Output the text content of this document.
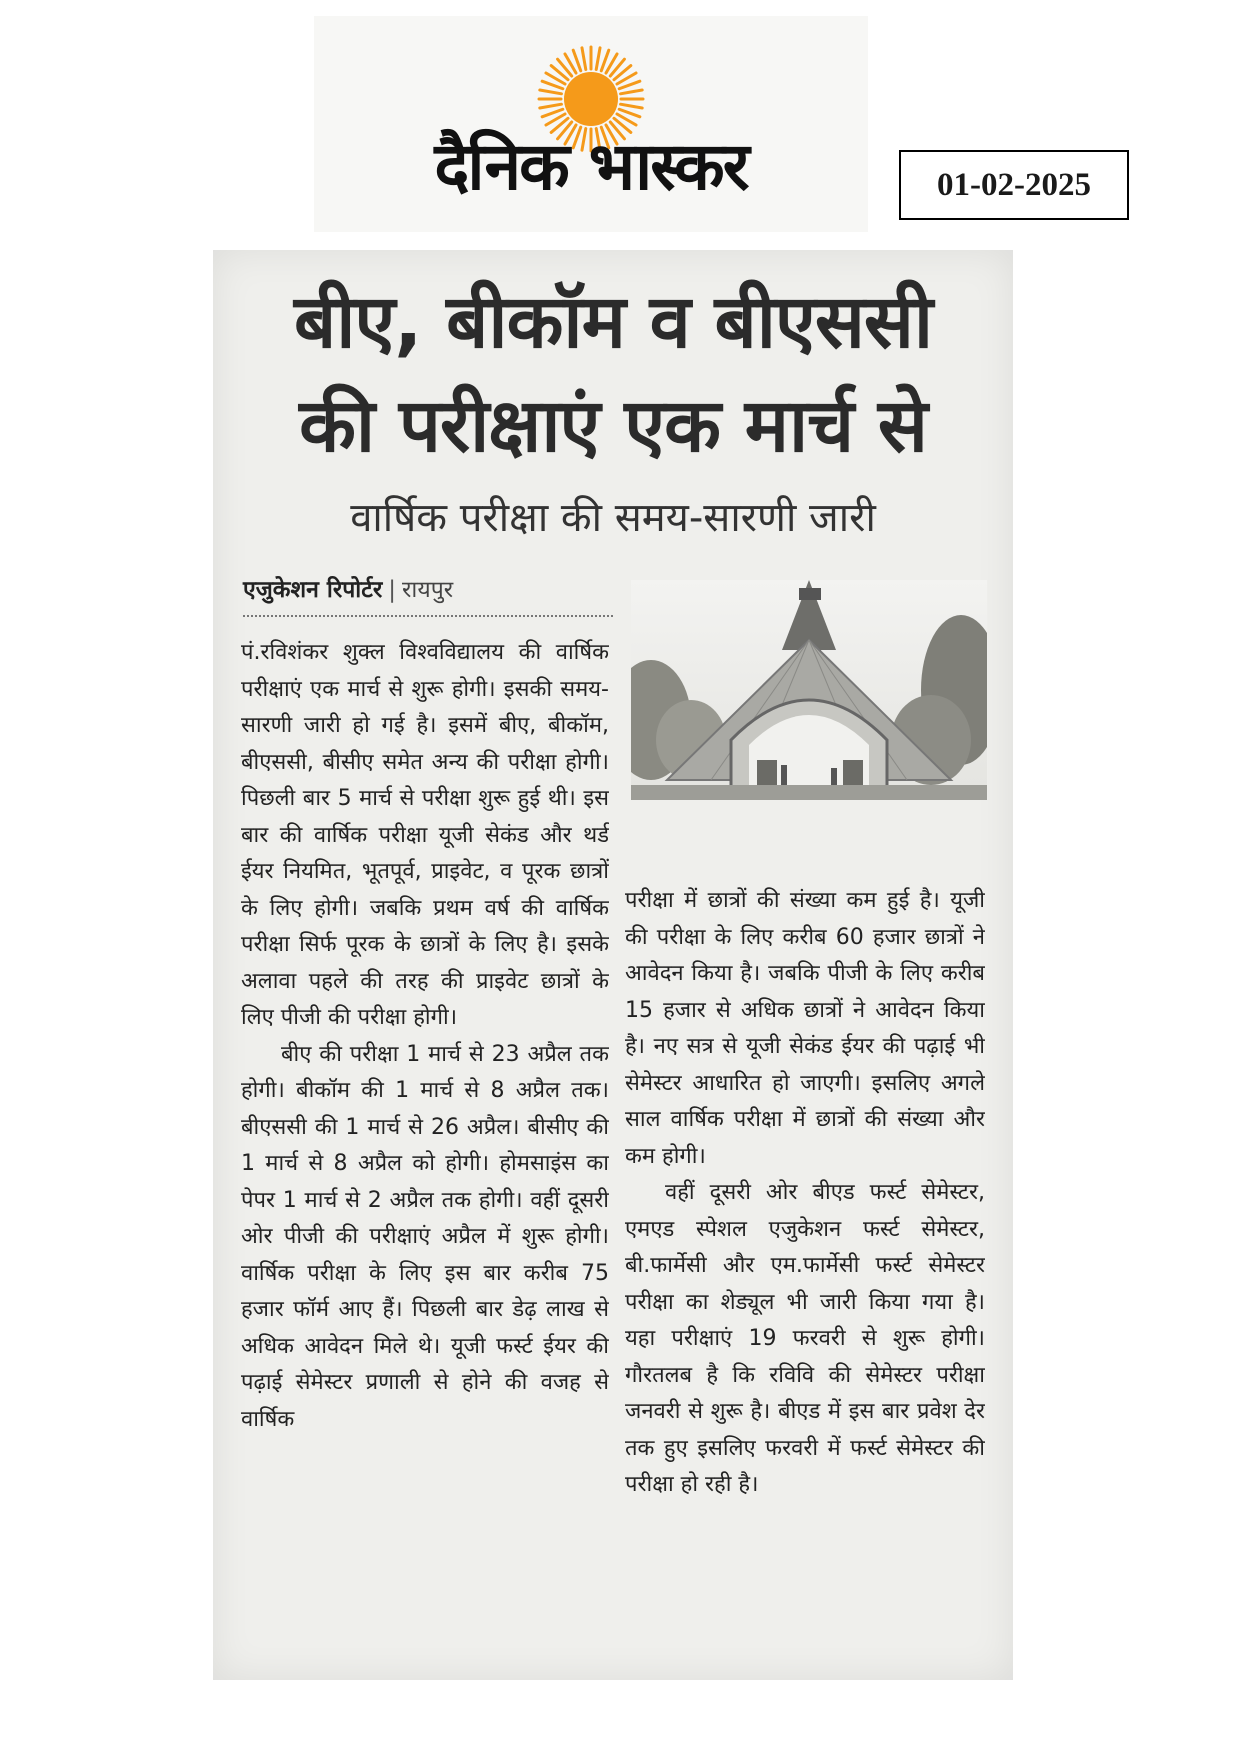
दैनिक भास्कर	01-02-2025
बीए, बीकॉम व बीएससी
की परीक्षाएं एक मार्च से
वार्षिक परीक्षा की समय-सारणी जारी
एजुकेशन रिपोर्टर | रायपुर

पं.रविशंकर शुक्ल विश्वविद्यालय की वार्षिक परीक्षाएं एक मार्च से शुरू होगी। इसकी समय-सारणी जारी हो गई है। इसमें बीए, बीकॉम, बीएससी, बीसीए समेत अन्य की परीक्षा होगी। पिछली बार 5 मार्च से परीक्षा शुरू हुई थी। इस बार की वार्षिक परीक्षा यूजी सेकंड और थर्ड ईयर नियमित, भूतपूर्व, प्राइवेट, व पूरक छात्रों के लिए होगी। जबकि प्रथम वर्ष की वार्षिक परीक्षा सिर्फ पूरक के छात्रों के लिए है। इसके अलावा पहले की तरह की प्राइवेट छात्रों के लिए पीजी की परीक्षा होगी।

बीए की परीक्षा 1 मार्च से 23 अप्रैल तक होगी। बीकॉम की 1 मार्च से 8 अप्रैल तक। बीएससी की 1 मार्च से 26 अप्रैल। बीसीए की 1 मार्च से 8 अप्रैल को होगी। होमसाइंस का पेपर 1 मार्च से 2 अप्रैल तक होगी। वहीं दूसरी ओर पीजी की परीक्षाएं अप्रैल में शुरू होगी। वार्षिक परीक्षा के लिए इस बार करीब 75 हजार फॉर्म आए हैं। पिछली बार डेढ़ लाख से अधिक आवेदन मिले थे। यूजी फर्स्ट ईयर की पढ़ाई सेमेस्टर प्रणाली से होने की वजह से वार्षिक

परीक्षा में छात्रों की संख्या कम हुई है। यूजी की परीक्षा के लिए करीब 60 हजार छात्रों ने आवेदन किया है। जबकि पीजी के लिए करीब 15 हजार से अधिक छात्रों ने आवेदन किया है। नए सत्र से यूजी सेकंड ईयर की पढ़ाई भी सेमेस्टर आधारित हो जाएगी। इसलिए अगले साल वार्षिक परीक्षा में छात्रों की संख्या और कम होगी।

वहीं दूसरी ओर बीएड फर्स्ट सेमेस्टर, एमएड स्पेशल एजुकेशन फर्स्ट सेमेस्टर, बी.फार्मेसी और एम.फार्मेसी फर्स्ट सेमेस्टर परीक्षा का शेड्यूल भी जारी किया गया है। यहा परीक्षाएं 19 फरवरी से शुरू होगी। गौरतलब है कि रविवि की सेमेस्टर परीक्षा जनवरी से शुरू है। बीएड में इस बार प्रवेश देर तक हुए इसलिए फरवरी में फर्स्ट सेमेस्टर की परीक्षा हो रही है।
